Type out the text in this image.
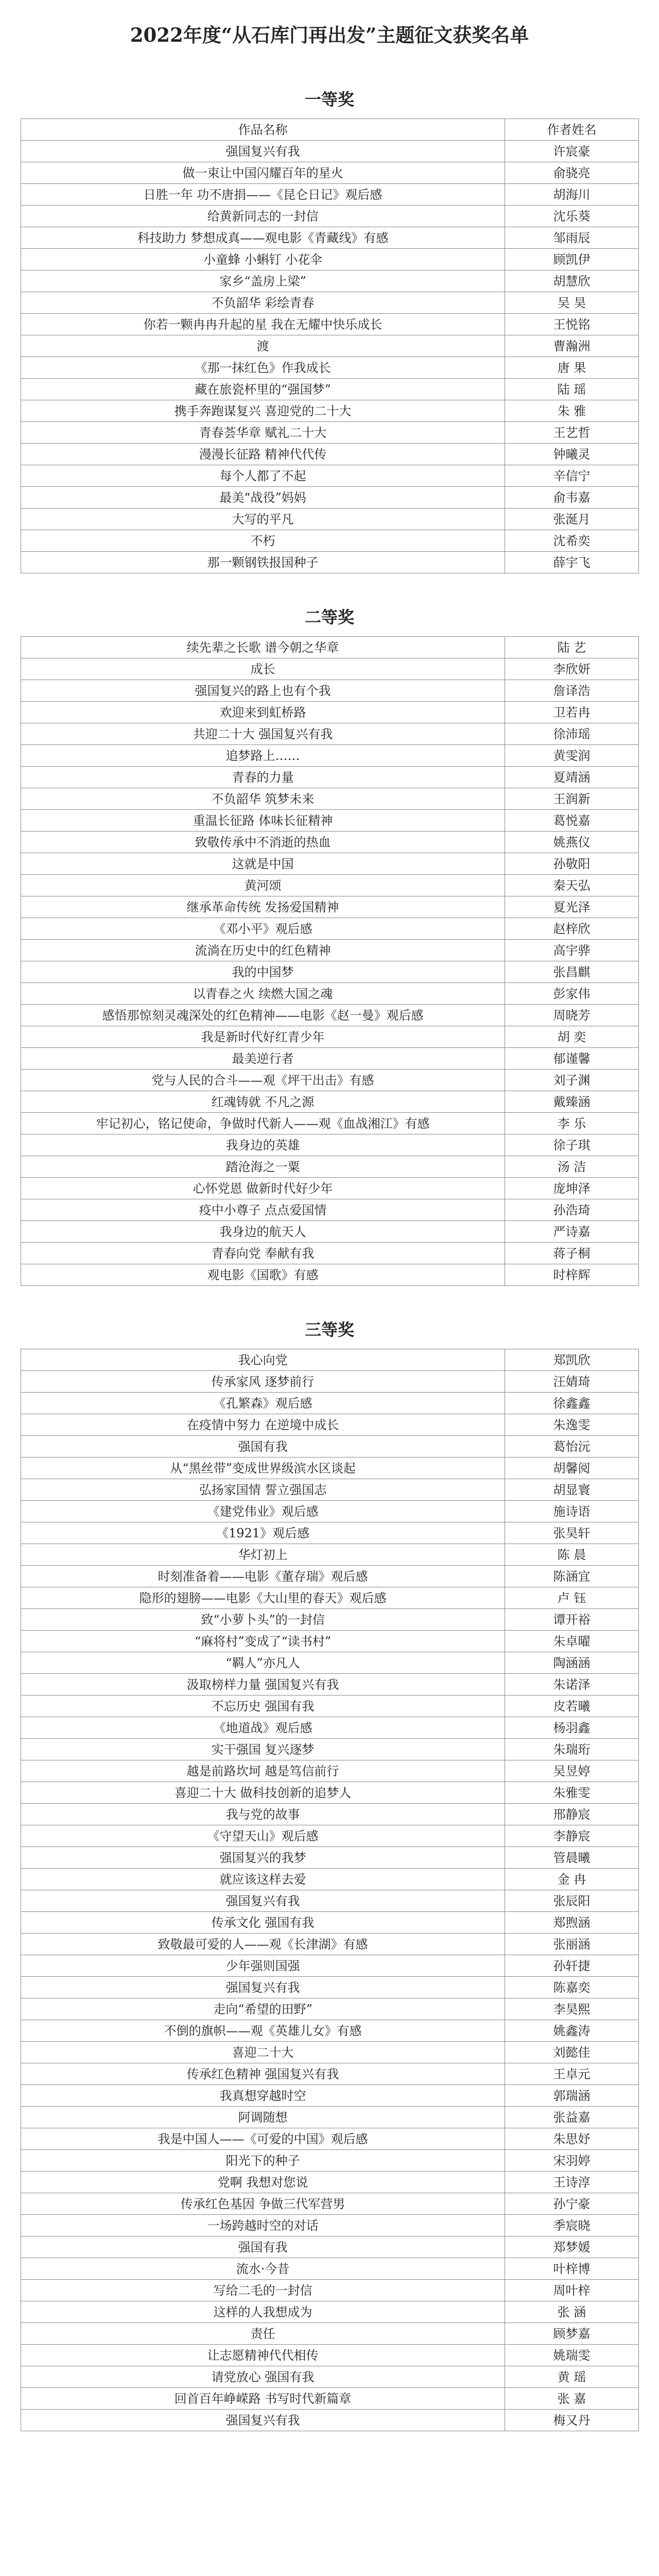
2022年度“从石库门再出发”主题征文获奖名单
一等奖
作品名称	作者姓名
强国复兴有我	许宸豪
做一束让中国闪耀百年的星火	俞骁亮
日胜一年 功不唐捐——《昆仑日记》观后感	胡海川
给黄新同志的一封信	沈乐葵
科技助力 梦想成真——观电影《青藏线》有感	邹雨辰
小童蜂 小蝌钉 小花伞	顾凯伊
家乡“盖房上梁”	胡慧欣
不负韶华 彩绘青春	吴 昊
你若一颗冉冉升起的星 我在无耀中快乐成长	王悦铭
渡	曹瀚洲
《那一抹红色》作我成长	唐 果
藏在旅瓷杯里的“强国梦”	陆 瑶
携手奔跑谋复兴 喜迎党的二十大	朱 雅
青春荟华章 赋礼二十大	王艺哲
漫漫长征路 精神代代传	钟曦灵
每个人都了不起	辛信宁
最美“战役”妈妈	俞韦嘉
大写的平凡	张涎月
不朽	沈希奕
那一颗钢铁报国种子	薛宇飞
二等奖
续先辈之长歌 谱今朝之华章	陆 艺
成长	李欣妍
强国复兴的路上也有个我	詹译浩
欢迎来到虹桥路	卫若冉
共迎二十大 强国复兴有我	徐沛瑶
追梦路上……	黄雯润
青春的力量	夏靖涵
不负韶华 筑梦未来	王润新
重温长征路 体味长征精神	葛悦嘉
致敬传承中不消逝的热血	姚燕仪
这就是中国	孙敬阳
黄河颂	秦天弘
继承革命传统 发扬爱国精神	夏光泽
《邓小平》观后感	赵梓欣
流淌在历史中的红色精神	高宇骅
我的中国梦	张昌麒
以青春之火 续燃大国之魂	彭家伟
感悟那惊刻灵魂深处的红色精神——电影《赵一曼》观后感	周晓芳
我是新时代好红青少年	胡 奕
最美逆行者	郁谨馨
党与人民的合斗——观《坪干出击》有感	刘子渊
红魂铸就 不凡之源	戴臻涵
牢记初心，铭记使命，争做时代新人——观《血战湘江》有感	李 乐
我身边的英雄	徐子琪
踏沧海之一粟	汤 洁
心怀党恩 做新时代好少年	庞坤泽
疫中小尊子 点点爱国情	孙浩琦
我身边的航天人	严诗嘉
青春向党 奉献有我	蒋子桐
观电影《国歌》有感	时梓辉
三等奖
我心向党	郑凯欣
传承家风 逐梦前行	汪婧琦
《孔繁森》观后感	徐鑫鑫
在疫情中努力 在逆境中成长	朱逸雯
强国有我	葛怡沅
从“黑丝带”变成世界级滨水区谈起	胡馨阅
弘扬家国情 誓立强国志	胡显寰
《建党伟业》观后感	施诗语
《1921》观后感	张昊轩
华灯初上	陈 晨
时刻准备着——电影《董存瑞》观后感	陈涵宜
隐形的翅膀——电影《大山里的春天》观后感	卢 钰
致“小萝卜头”的一封信	谭开裕
“麻将村”变成了“读书村”	朱卓曜
“羁人”亦凡人	陶涵涵
汲取榜样力量 强国复兴有我	朱诺泽
不忘历史 强国有我	皮若曦
《地道战》观后感	杨羽鑫
实干强国 复兴逐梦	朱瑞珩
越是前路坎坷 越是笃信前行	吴昱婷
喜迎二十大 做科技创新的追梦人	朱雅雯
我与党的故事	邢静宸
《守望天山》观后感	李静宸
强国复兴的我梦	管晨曦
就应该这样去爱	金 冉
强国复兴有我	张辰阳
传承文化 强国有我	郑煦涵
致敬最可爱的人——观《长津湖》有感	张丽涵
少年强则国强	孙轩捷
强国复兴有我	陈嘉奕
走向“希望的田野”	李昊熙
不倒的旗帜——观《英雄儿女》有感	姚鑫涛
喜迎二十大	刘懿佳
传承红色精神 强国复兴有我	王卓元
我真想穿越时空	郭瑞涵
阿调随想	张益嘉
我是中国人——《可爱的中国》观后感	朱思妤
阳光下的种子	宋羽婷
党啊 我想对您说	王诗淳
传承红色基因 争做三代军营男	孙宁豪
一场跨越时空的对话	季宸晓
强国有我	郑梦媛
流水·今昔	叶梓博
写给二毛的一封信	周叶梓
这样的人我想成为	张 涵
责任	顾梦嘉
让志愿精神代代相传	姚瑞雯
请党放心 强国有我	黄 瑶
回首百年峥嵘路 书写时代新篇章	张 嘉
强国复兴有我	梅又丹
